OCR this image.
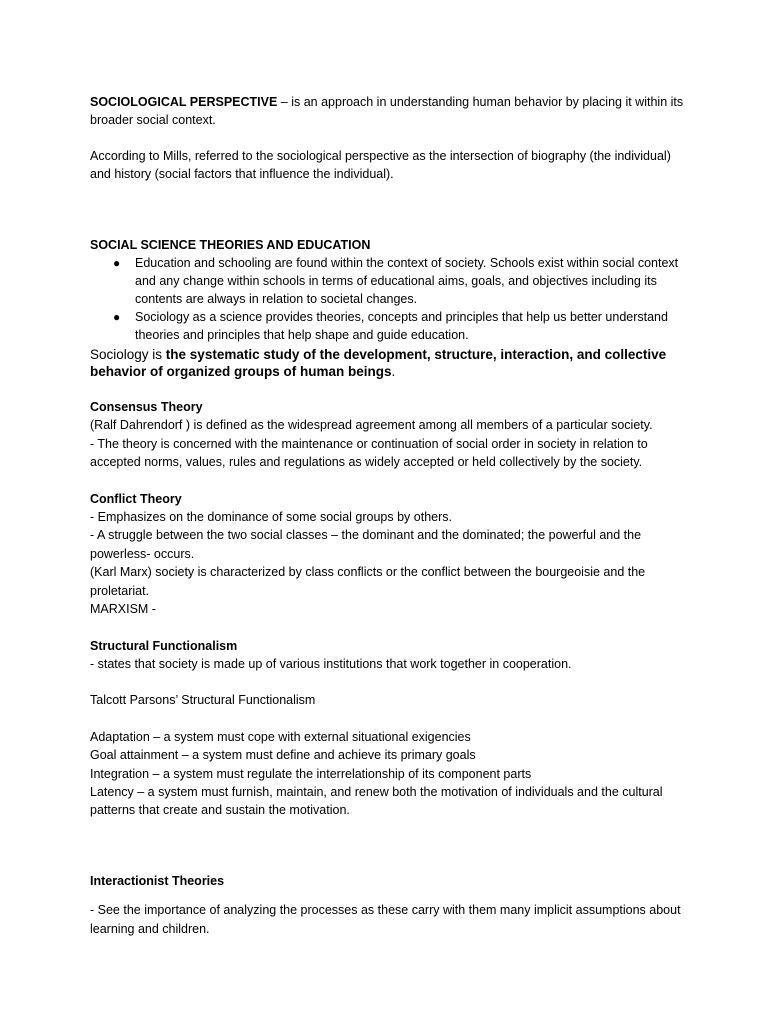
SOCIOLOGICAL PERSPECTIVE – is an approach in understanding human behavior by placing it within its broader social context.

According to Mills, referred to the sociological perspective as the intersection of biography (the individual) and history (social factors that influence the individual).

SOCIAL SCIENCE THEORIES AND EDUCATION

● Education and schooling are found within the context of society. Schools exist within social context and any change within schools in terms of educational aims, goals, and objectives including its contents are always in relation to societal changes.
● Sociology as a science provides theories, concepts and principles that help us better understand theories and principles that help shape and guide education.

Sociology is the systematic study of the development, structure, interaction, and collective behavior of organized groups of human beings.

Consensus Theory

(Ralf Dahrendorf ) is defined as the widespread agreement among all members of a particular society.

- The theory is concerned with the maintenance or continuation of social order in society in relation to accepted norms, values, rules and regulations as widely accepted or held collectively by the society.

Conflict Theory

- Emphasizes on the dominance of some social groups by others.

- A struggle between the two social classes – the dominant and the dominated; the powerful and the powerless- occurs.

(Karl Marx) society is characterized by class conflicts or the conflict between the bourgeoisie and the proletariat.

MARXISM -

Structural Functionalism

- states that society is made up of various institutions that work together in cooperation.

Talcott Parsons’ Structural Functionalism

Adaptation – a system must cope with external situational exigencies

Goal attainment – a system must define and achieve its primary goals

Integration – a system must regulate the interrelationship of its component parts

Latency – a system must furnish, maintain, and renew both the motivation of individuals and the cultural patterns that create and sustain the motivation.

Interactionist Theories

- See the importance of analyzing the processes as these carry with them many implicit assumptions about learning and children.
